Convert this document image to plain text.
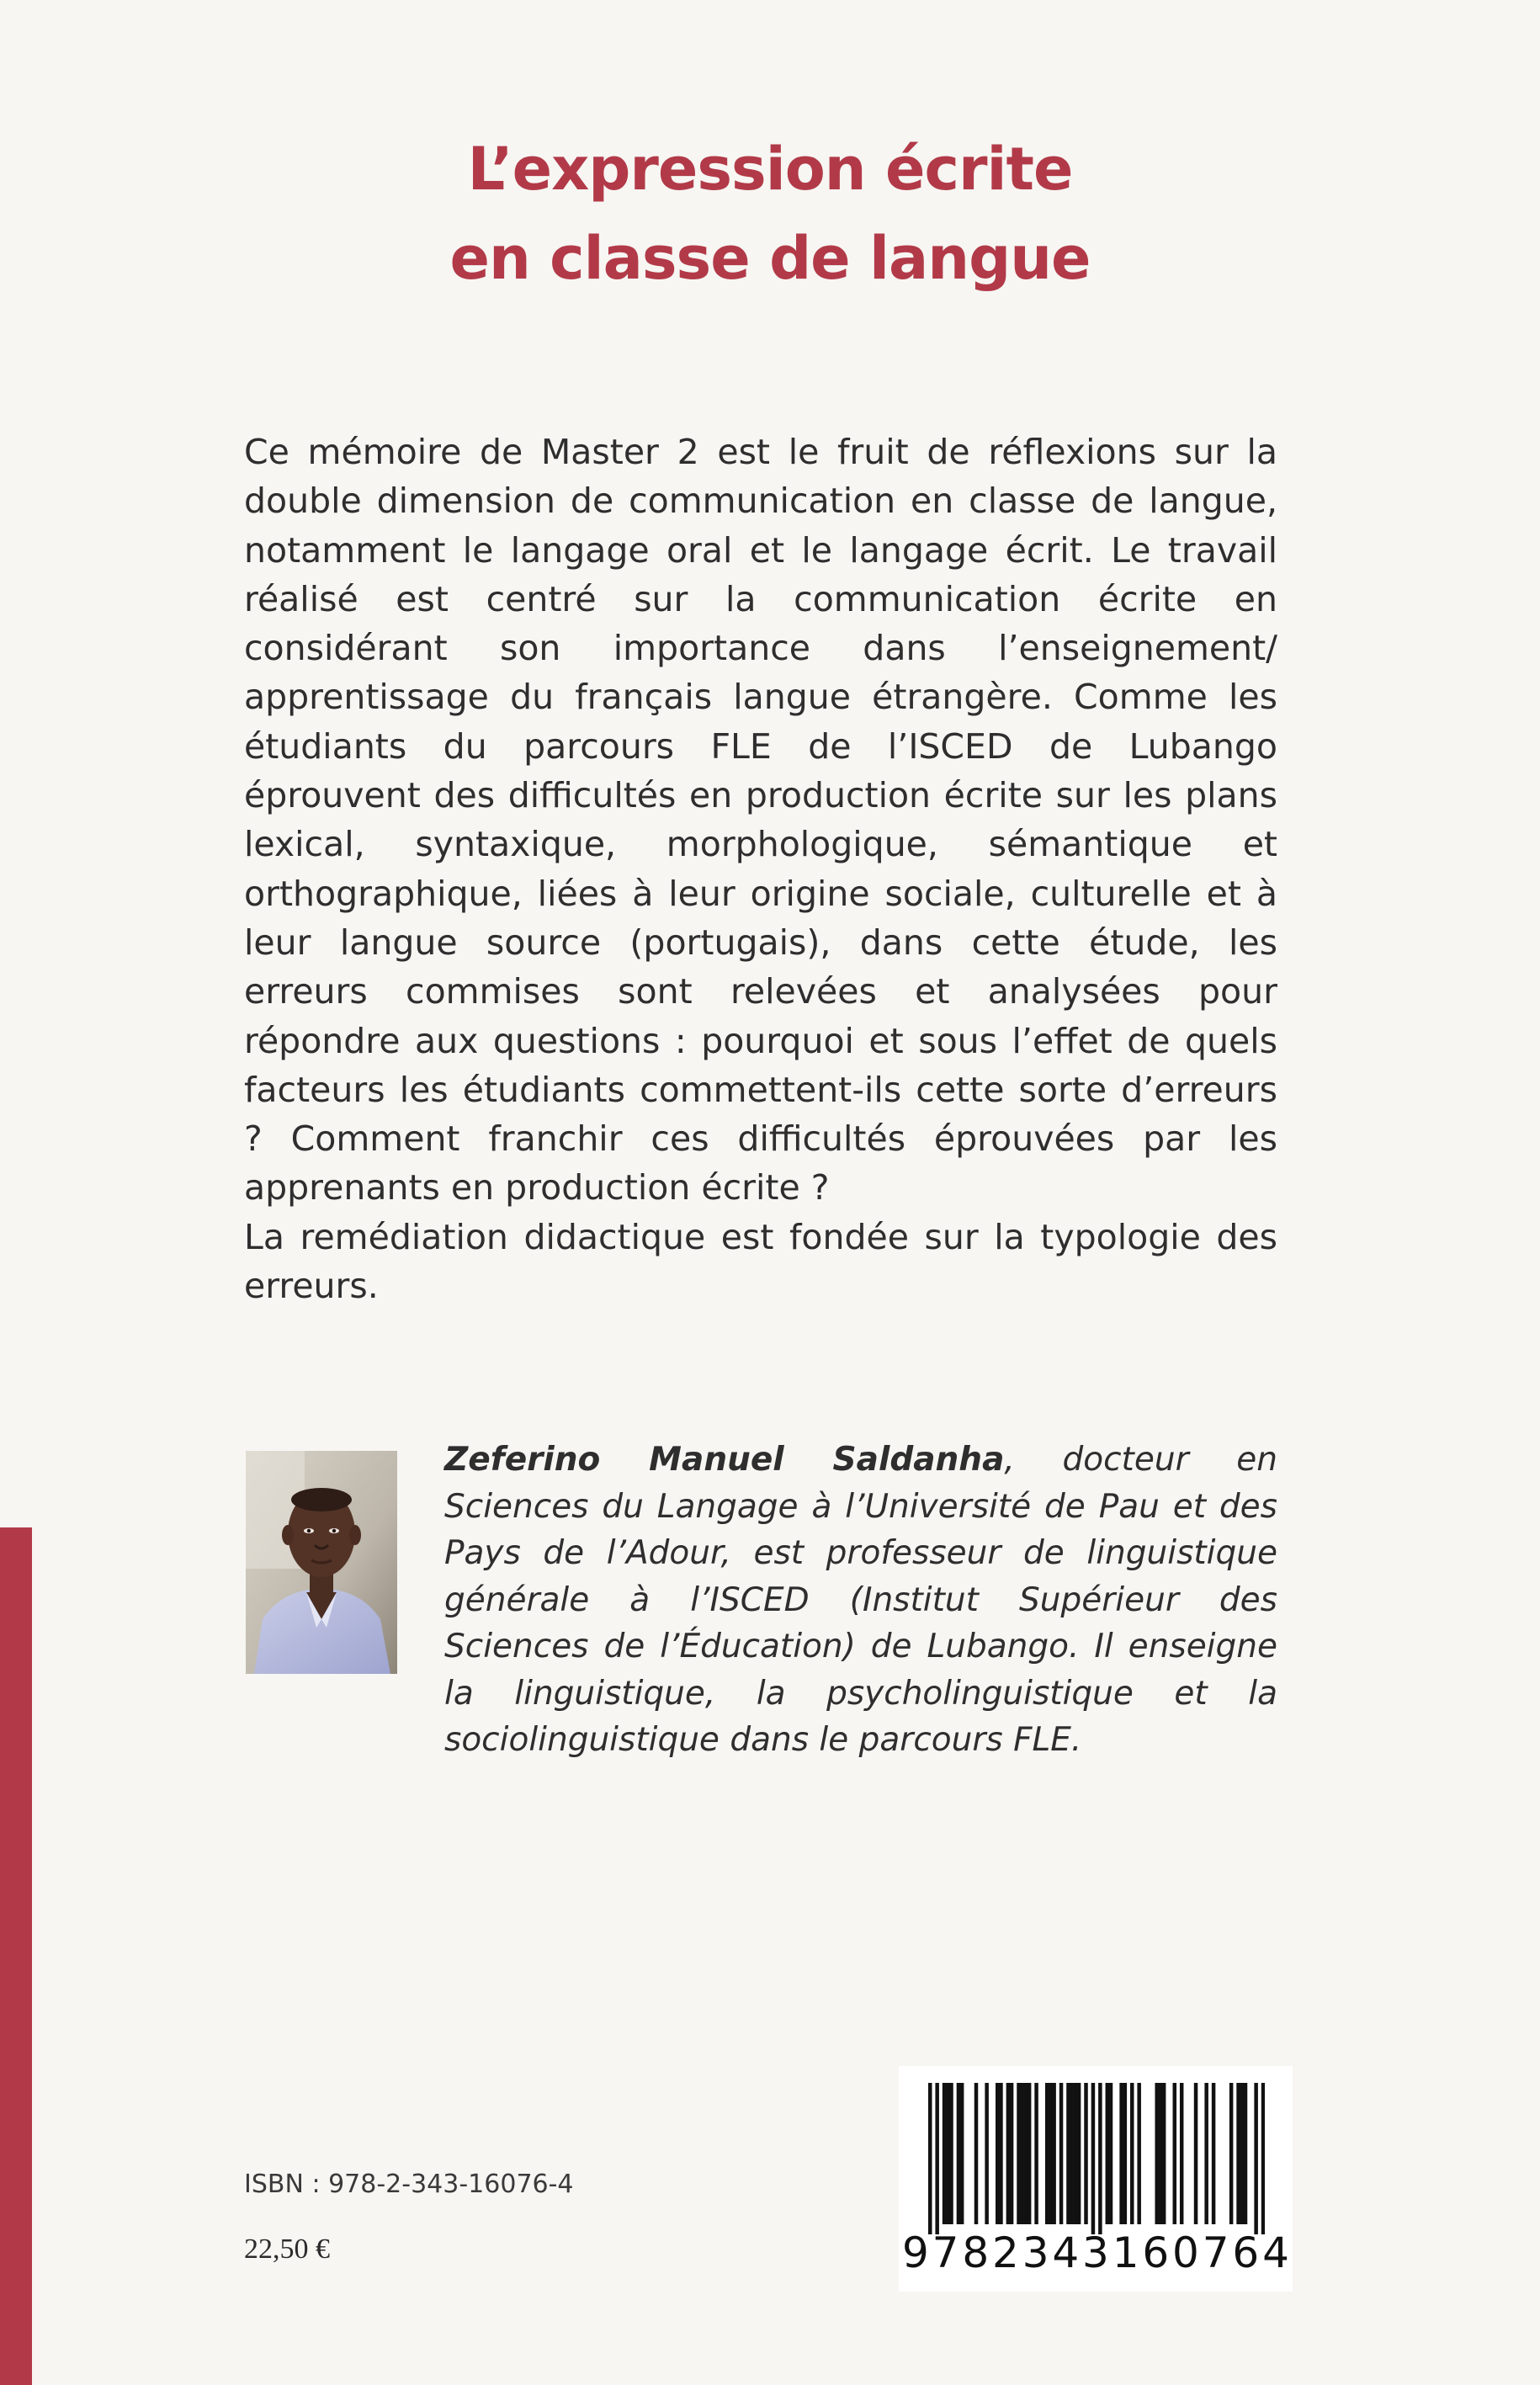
L’expression écrite
en classe de langue

Ce mémoire de Master 2 est le fruit de réflexions sur la double dimension de communication en classe de langue, notamment le langage oral et le langage écrit. Le travail réalisé est centré sur la communication écrite en considérant son importance dans l’enseignement/ apprentissage du français langue étrangère. Comme les étudiants du parcours FLE de l’ISCED de Lubango éprouvent des difficultés en production écrite sur les plans lexical, syntaxique, morphologique, sémantique et orthographique, liées à leur origine sociale, culturelle et à leur langue source (portugais), dans cette étude, les erreurs commises sont relevées et analysées pour répondre aux questions : pourquoi et sous l’effet de quels facteurs les étudiants commettent-ils cette sorte d’erreurs ? Comment franchir ces difficultés éprouvées par les apprenants en production écrite ?

La remédiation didactique est fondée sur la typologie des erreurs.

Zeferino Manuel Saldanha, docteur en Sciences du Langage à l’Université de Pau et des Pays de l’Adour, est professeur de linguistique générale à l’ISCED (Institut Supérieur des Sciences de l’Éducation) de Lubango. Il enseigne la linguistique, la psycholinguistique et la sociolinguistique dans le parcours FLE.
ISBN : 978-2-343-16076-4
22,50 €	9 7 8 2 3 4 3 1 6 0 7 6 4
